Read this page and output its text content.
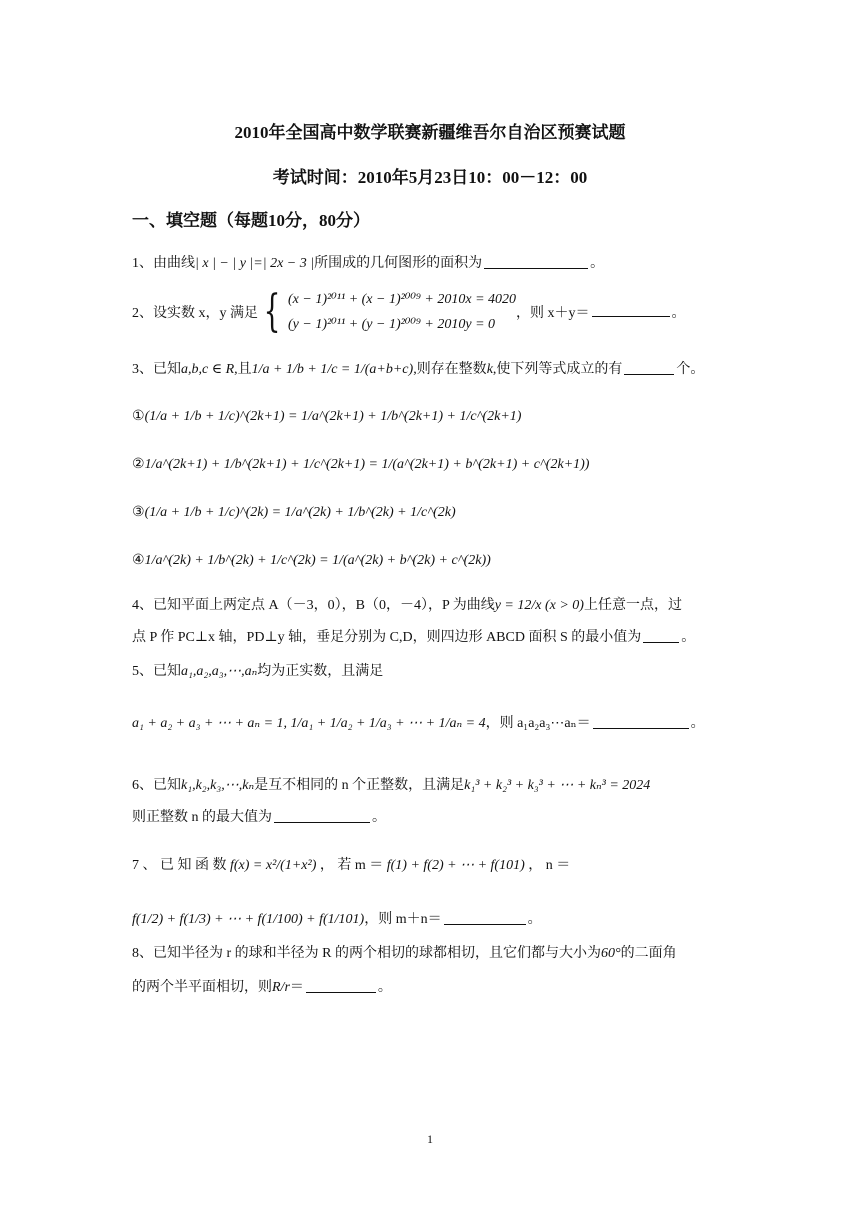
2010年全国高中数学联赛新疆维吾尔自治区预赛试题
考试时间：2010年5月23日10：00－12：00
一、填空题（每题10分，80分）
1、由曲线| x | − | y |=| 2x − 3 |所围成的几何图形的面积为	。
2、设实数 x，y 满足 { (x − 1)²⁰¹¹ + (x − 1)²⁰⁰⁹ + 2010x = 4020
(y − 1)²⁰¹¹ + (y − 1)²⁰⁰⁹ + 2010y = 0
，则 x＋y＝	。
3、已知a,b,c ∈ R,且1/a + 1/b + 1/c = 1/(a+b+c),则存在整数k,使下列等式成立的有	个。
①(1/a + 1/b + 1/c)^(2k+1) = 1/a^(2k+1) + 1/b^(2k+1) + 1/c^(2k+1)
②1/a^(2k+1) + 1/b^(2k+1) + 1/c^(2k+1) = 1/(a^(2k+1) + b^(2k+1) + c^(2k+1))
③(1/a + 1/b + 1/c)^(2k) = 1/a^(2k) + 1/b^(2k) + 1/c^(2k)
④1/a^(2k) + 1/b^(2k) + 1/c^(2k) = 1/(a^(2k) + b^(2k) + c^(2k))
4、已知平面上两定点 A（－3，0），B（0，－4），P 为曲线y = 12/x (x > 0)上任意一点，过
点 P 作 PC⊥x 轴，PD⊥y 轴，垂足分别为 C,D，则四边形 ABCD 面积 S 的最小值为	。
5、已知a₁,a₂,a₃,⋯,aₙ均为正实数，且满足
a₁ + a₂ + a₃ + ⋯ + aₙ = 1, 1/a₁ + 1/a₂ + 1/a₃ + ⋯ + 1/aₙ = 4，则 a₁a₂a₃⋯aₙ＝	。
6、已知k₁,k₂,k₃,⋯,kₙ是互不相同的 n 个正整数，且满足k₁³ + k₂³ + k₃³ + ⋯ + kₙ³ = 2024
则正整数 n 的最大值为	。
7 、 已 知 函 数 f(x) = x²/(1+x²) ， 若 m ＝ f(1) + f(2) + ⋯ + f(101) ， n ＝
f(1/2) + f(1/3) + ⋯ + f(1/100) + f(1/101)，则 m＋n＝	。
8、已知半径为 r 的球和半径为 R 的两个相切的球都相切，且它们都与大小为60°的二面角
的两个半平面相切，则R/r＝	。
1
